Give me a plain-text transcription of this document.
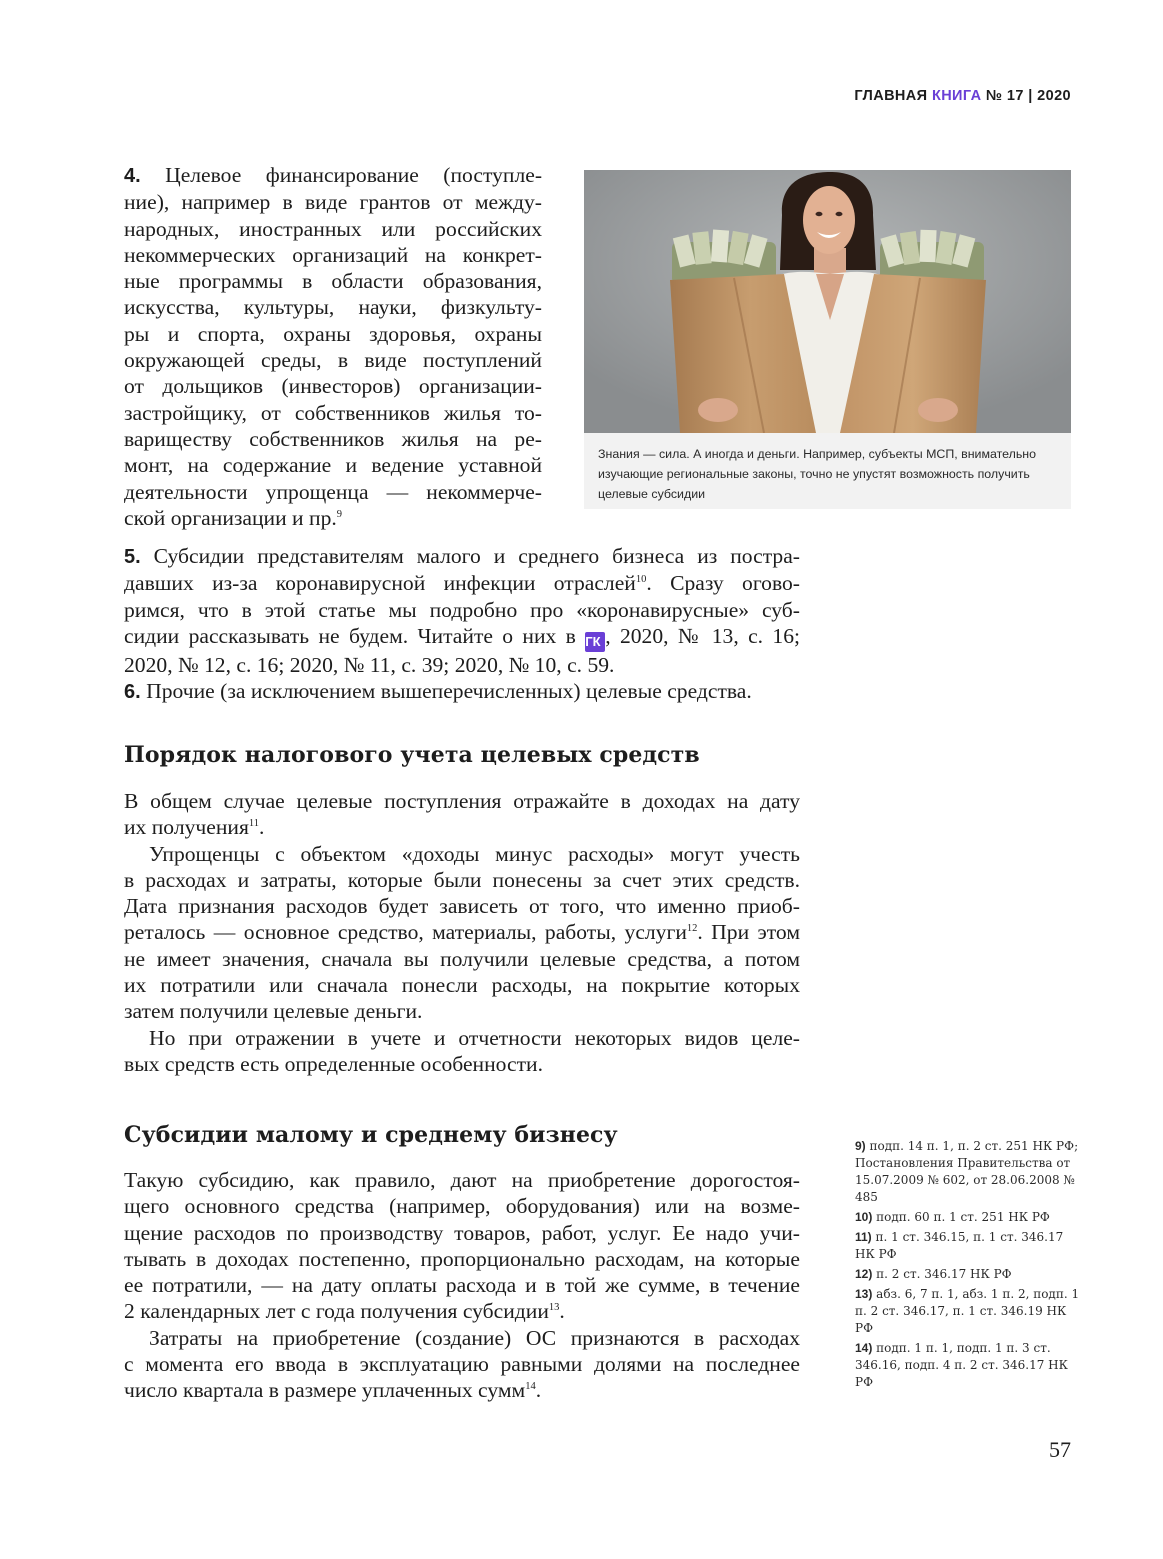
ГЛАВНАЯ КНИГА № 17 | 2020
4. Целевое финансирование (поступле-
ние), например в виде грантов от между-
народных, иностранных или российских
некоммерческих организаций на конкрет-
ные программы в области образования,
искусства, культуры, науки, физкульту-
ры и спорта, охраны здоровья, охраны
окружающей среды, в виде поступлений
от дольщиков (инвесторов) организации-
застройщику, от собственников жилья то-
вариществу собственников жилья на ре-
монт, на содержание и ведение уставной
деятельности упрощенца — некоммерче-
ской организации и пр.$^9$
Знания — сила. А иногда и деньги. Например, субъекты МСП, внимательно
изучающие региональные законы, точно не упустят возможность получить
целевые субсидии
5. Субсидии представителям малого и среднего бизнеса из постра-
давших из-за коронавирусной инфекции отраслей$^{10}$. Сразу огово-
римся, что в этой статье мы подробно про «коронавирусные» суб-
сидии рассказывать не будем. Читайте о них в ГК , 2020, № 13, с. 16;
2020, № 12, с. 16; 2020, № 11, с. 39; 2020, № 10, с. 59.
6. Прочие (за исключением вышеперечисленных) целевые средства.
Порядок налогового учета целевых средств
В общем случае целевые поступления отражайте в доходах на дату
их получения$^{11}$.
Упрощенцы с объектом «доходы минус расходы» могут учесть
в расходах и затраты, которые были понесены за счет этих средств.
Дата признания расходов будет зависеть от того, что именно приоб-
реталось — основное средство, материалы, работы, услуги$^{12}$. При этом
не имеет значения, сначала вы получили целевые средства, а потом
их потратили или сначала понесли расходы, на покрытие которых
затем получили целевые деньги.
Но при отражении в учете и отчетности некоторых видов целе-
вых средств есть определенные особенности.
Субсидии малому и среднему бизнесу
Такую субсидию, как правило, дают на приобретение дорогостоя-
щего основного средства (например, оборудования) или на возме-
щение расходов по производству товаров, работ, услуг. Ее надо учи-
тывать в доходах постепенно, пропорционально расходам, на которые
ее потратили, — на дату оплаты расхода и в той же сумме, в течение
2 календарных лет с года получения субсидии$^{13}$.
Затраты на приобретение (создание) ОС признаются в расходах
с момента его ввода в эксплуатацию равными долями на последнее
число квартала в размере уплаченных сумм$^{14}$.
9) подп. 14 п. 1, п. 2 ст. 251 НК РФ; Постановления Правительства от 15.07.2009 № 602, от 28.06.2008 № 485
10) подп. 60 п. 1 ст. 251 НК РФ
11) п. 1 ст. 346.15, п. 1 ст. 346.17 НК РФ
12) п. 2 ст. 346.17 НК РФ
13) абз. 6, 7 п. 1, абз. 1 п. 2, подп. 1 п. 2 ст. 346.17, п. 1 ст. 346.19 НК РФ
14) подп. 1 п. 1, подп. 1 п. 3 ст. 346.16, подп. 4 п. 2 ст. 346.17 НК РФ
57
